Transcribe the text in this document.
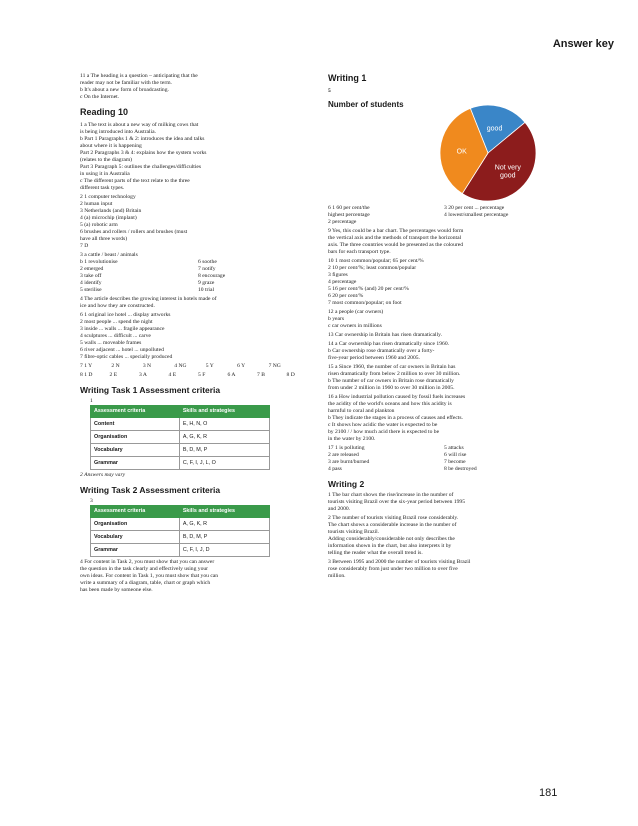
Answer key
11 a The heading is a question – anticipating that the
reader may not be familiar with the term.
b It's about a new form of broadcasting.
c On the Internet.
Reading 10
1 a The text is about a new way of milking cows that
is being introduced into Australia.
b Part 1 Paragraphs 1 & 2: introduces the idea and talks
about where it is happening
Part 2 Paragraphs 3 & 4: explains how the system works
(relates to the diagram)
Part 3 Paragraph 5: outlines the challenges/difficulties
in using it in Australia
c The different parts of the text relate to the three
different task types.
2 1 computer technology
2 human input
3 Netherlands (and) Britain
4 (a) microchip (implant)
5 (a) robotic arm
6 brushes and rollers / rollers and brushes (must
have all three words)
7 D
3 a cattle / beast / animals
b 1 revolutionise	6 soothe
2 emerged	7 notify
3 take off	8 encourage
4 identify	9 graze
5 sterilise	10 trial
4 The article describes the growing interest in hotels made of
ice and how they are constructed.
6 1 original ice hotel ... display artworks
2 most people ... spend the night
3 inside ... walls ... fragile appearance
4 sculptures ... difficult ... carve
5 walls ... moveable frames
6 river adjacent ... hotel ... unpolluted
7 fibre-optic cables ... specially produced
7 1 Y	2 N	3 N	4 NG	5 Y	6 Y	7 NG
8 1 D	2 E	3 A	4 E	5 F	6 A	7 B	8 D
Writing Task 1 Assessment criteria
1
Assessment criteria	Skills and strategies
Content	E, H, N, O
Organisation	A, G, K, R
Vocabulary	B, D, M, P
Grammar	C, F, I, J, L, O
2 Answers may vary
Writing Task 2 Assessment criteria
3
Assessment criteria	Skills and strategies
Organisation	A, G, K, R
Vocabulary	B, D, M, P
Grammar	C, F, I, J, D
4 For content in Task 2, you must show that you can answer
the question in the task clearly and effectively using your
own ideas. For content in Task 1, you must show that you can
write a summary of a diagram, table, chart or graph which
has been made by someone else.
Writing 1
5
Number of students
good
Not very
good
OK
6 1 60 per cent/the	3 20 per cent ... percentage
highest percentage	4 lowest/smallest percentage
2 percentage
9 Yes, this could be a bar chart. The percentages would form
the vertical axis and the methods of transport the horizontal
axis. The three countries would be presented as the coloured
bars for each transport type.
10 1 most common/popular; 65 per cent/%
2 10 per cent/%; least common/popular
3 figures
4 percentage
5 16 per cent/% (and) 20 per cent/%
6 20 per cent/%
7 most common/popular; on foot
12 a people (car owners)
b years
c car owners in millions
13 Car ownership in Britain has risen dramatically.
14 a Car ownership has risen dramatically since 1960.
b Car ownership rose dramatically over a forty-
five-year period between 1960 and 2005.
15 a Since 1960, the number of car owners in Britain has
risen dramatically from below 2 million to over 30 million.
b The number of car owners in Britain rose dramatically
from under 2 million in 1960 to over 30 million in 2005.
16 a How industrial pollution caused by fossil fuels increases
the acidity of the world's oceans and how this acidity is
harmful to coral and plankton
b They indicate the stages in a process of causes and effects.
c It shows how acidic the water is expected to be
by 2100 / / how much acid there is expected to be
in the water by 2100.
17 1 is polluting	5 attacks
2 are released	6 will rise
3 are burnt/burned	7 become
4 pass	8 be destroyed
Writing 2
1 The bar chart shows the rise/increase in the number of
tourists visiting Brazil over the six-year period between 1995
and 2000.
2 The number of tourists visiting Brazil rose considerably.
The chart shows a considerable increase in the number of
tourists visiting Brazil.
Adding considerably/considerable not only describes the
information shown in the chart, but also interprets it by
telling the reader what the overall trend is.
3 Between 1995 and 2000 the number of tourists visiting Brazil
rose considerably from just under two million to over five
million.
181
